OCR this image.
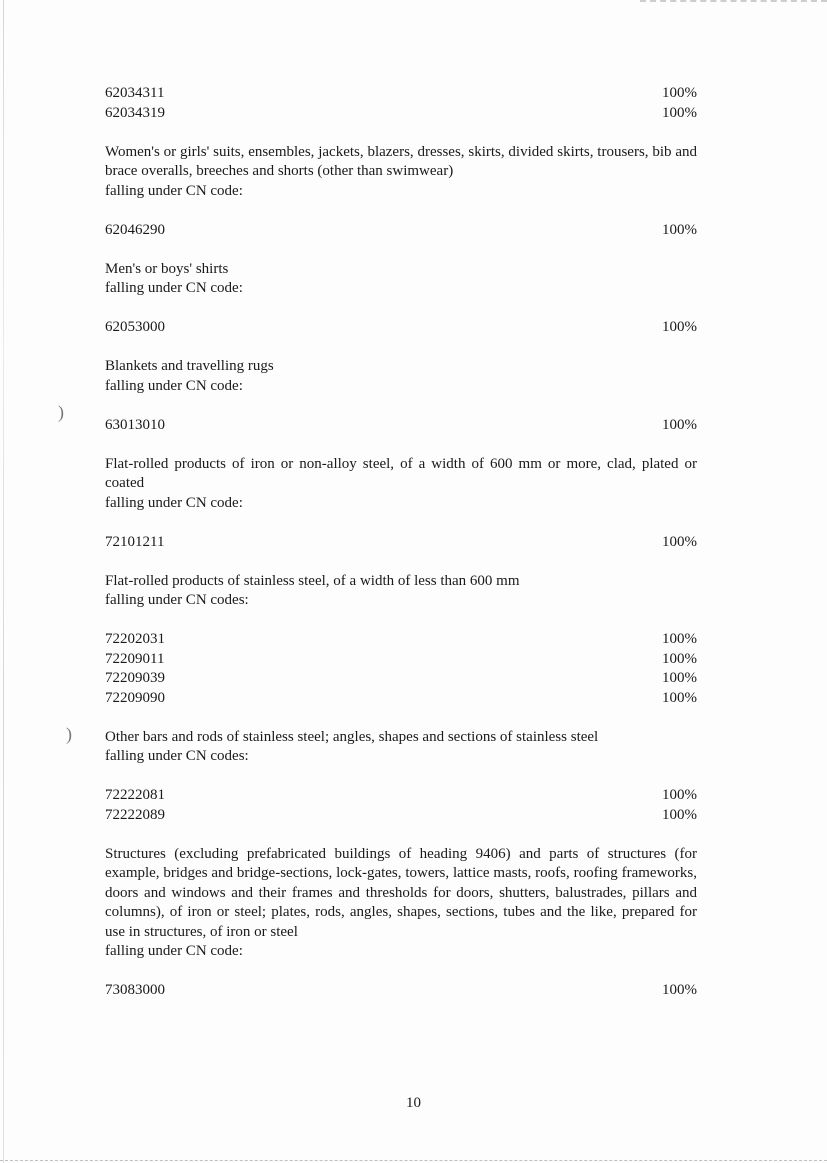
)
)
62034311	100%
62034319	100%

Women's or girls' suits, ensembles, jackets, blazers, dresses, skirts, divided skirts, trousers, bib and brace overalls, breeches and shorts (other than swimwear)

falling under CN code:

62046290	100%

Men's or boys' shirts

falling under CN code:

62053000	100%

Blankets and travelling rugs

falling under CN code:

63013010	100%

Flat-rolled products of iron or non-alloy steel, of a width of 600 mm or more, clad, plated or coated

falling under CN code:

72101211	100%

Flat-rolled products of stainless steel, of a width of less than 600 mm

falling under CN codes:

72202031	100%
72209011	100%
72209039	100%
72209090	100%

Other bars and rods of stainless steel; angles, shapes and sections of stainless steel

falling under CN codes:

72222081	100%
72222089	100%

Structures (excluding prefabricated buildings of heading 9406) and parts of structures (for example, bridges and bridge-sections, lock-gates, towers, lattice masts, roofs, roofing frameworks, doors and windows and their frames and thresholds for doors, shutters, balustrades, pillars and columns), of iron or steel; plates, rods, angles, shapes, sections, tubes and the like, prepared for use in structures, of iron or steel

falling under CN code:

73083000	100%
10
